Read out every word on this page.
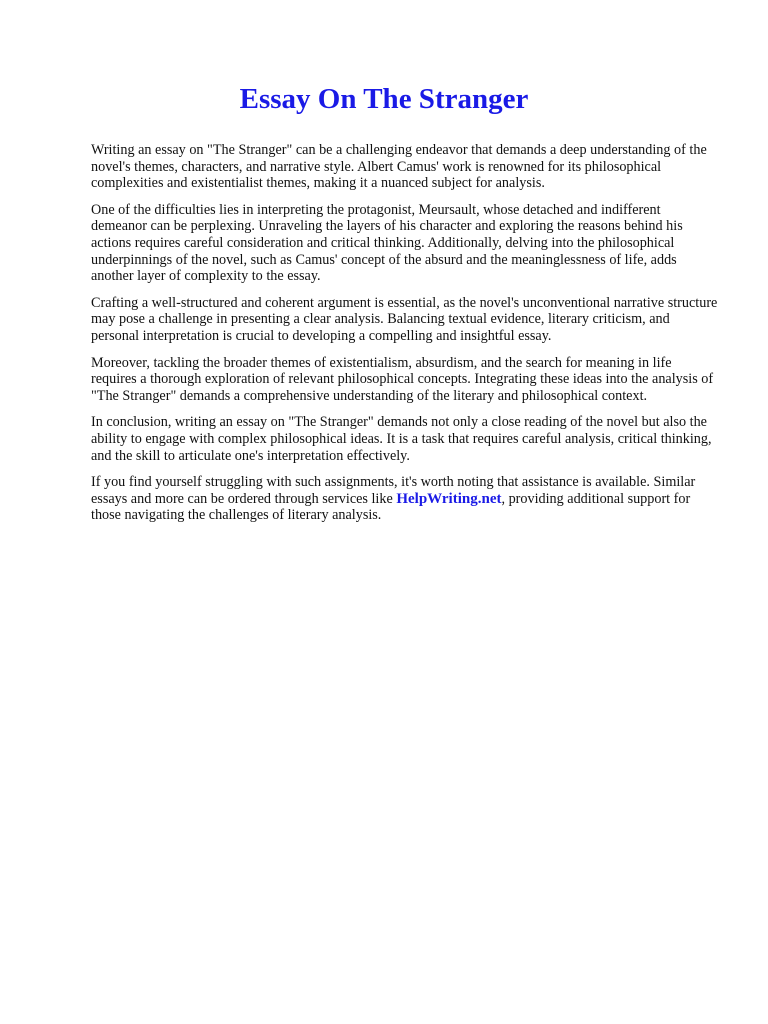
Essay On The Stranger

Writing an essay on "The Stranger" can be a challenging endeavor that demands a deep understanding of the novel's themes, characters, and narrative style. Albert Camus' work is renowned for its philosophical complexities and existentialist themes, making it a nuanced subject for analysis.

One of the difficulties lies in interpreting the protagonist, Meursault, whose detached and indifferent demeanor can be perplexing. Unraveling the layers of his character and exploring the reasons behind his actions requires careful consideration and critical thinking. Additionally, delving into the philosophical underpinnings of the novel, such as Camus' concept of the absurd and the meaninglessness of life, adds another layer of complexity to the essay.

Crafting a well-structured and coherent argument is essential, as the novel's unconventional narrative structure may pose a challenge in presenting a clear analysis. Balancing textual evidence, literary criticism, and personal interpretation is crucial to developing a compelling and insightful essay.

Moreover, tackling the broader themes of existentialism, absurdism, and the search for meaning in life requires a thorough exploration of relevant philosophical concepts. Integrating these ideas into the analysis of "The Stranger" demands a comprehensive understanding of the literary and philosophical context.

In conclusion, writing an essay on "The Stranger" demands not only a close reading of the novel but also the ability to engage with complex philosophical ideas. It is a task that requires careful analysis, critical thinking, and the skill to articulate one's interpretation effectively.

If you find yourself struggling with such assignments, it's worth noting that assistance is available. Similar essays and more can be ordered through services like HelpWriting.net, providing additional support for those navigating the challenges of literary analysis.
